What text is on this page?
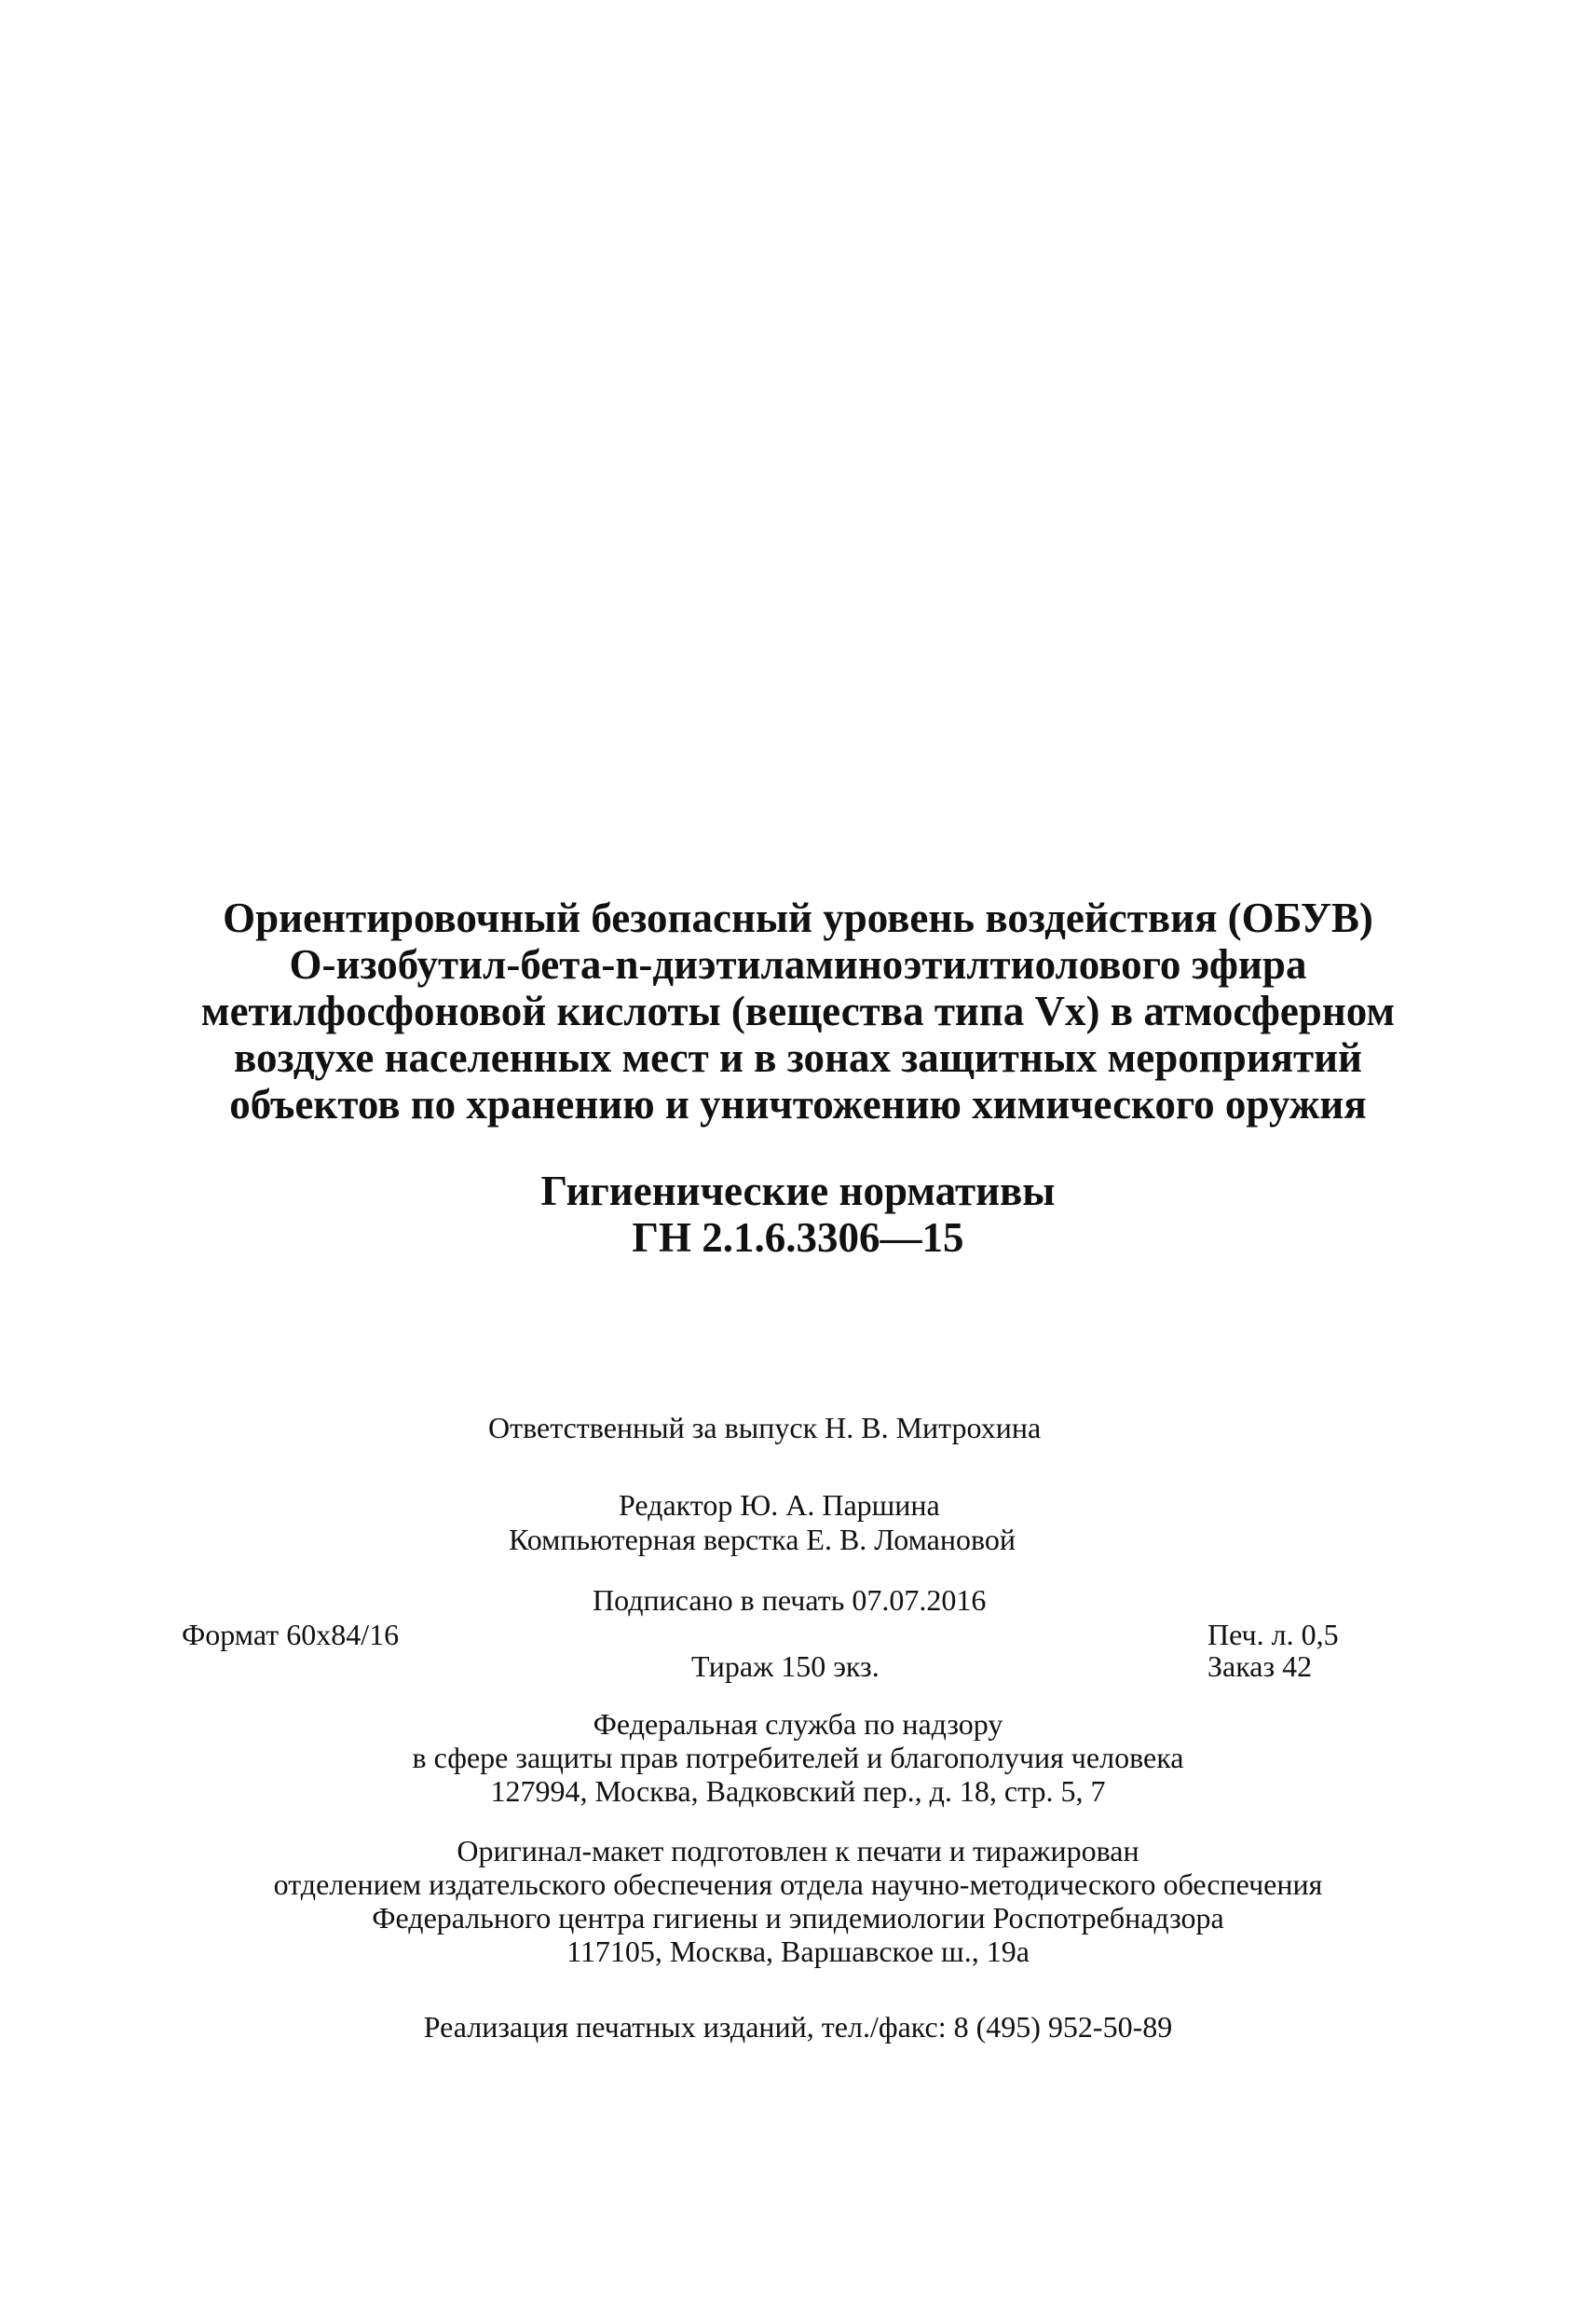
Ориентировочный безопасный уровень воздействия (ОБУВ)
О-изобутил-бета-n-диэтиламиноэтилтиолового эфира
метилфосфоновой кислоты (вещества типа Vx) в атмосферном
воздухе населенных мест и в зонах защитных мероприятий
объектов по хранению и уничтожению химического оружия
Гигиенические нормативы
ГН 2.1.6.3306—15
Ответственный за выпуск Н. В. Митрохина
Редактор Ю. А. Паршина
Компьютерная верстка Е. В. Ломановой
Подписано в печать 07.07.2016
Формат 60x84/16	Печ. л. 0,5
Тираж 150 экз.	Заказ 42
Федеральная служба по надзору
в сфере защиты прав потребителей и благополучия человека
127994, Москва, Вадковский пер., д. 18, стр. 5, 7
Оригинал-макет подготовлен к печати и тиражирован
отделением издательского обеспечения отдела научно-методического обеспечения
Федерального центра гигиены и эпидемиологии Роспотребнадзора
117105, Москва, Варшавское ш., 19а
Реализация печатных изданий, тел./факс: 8 (495) 952-50-89
